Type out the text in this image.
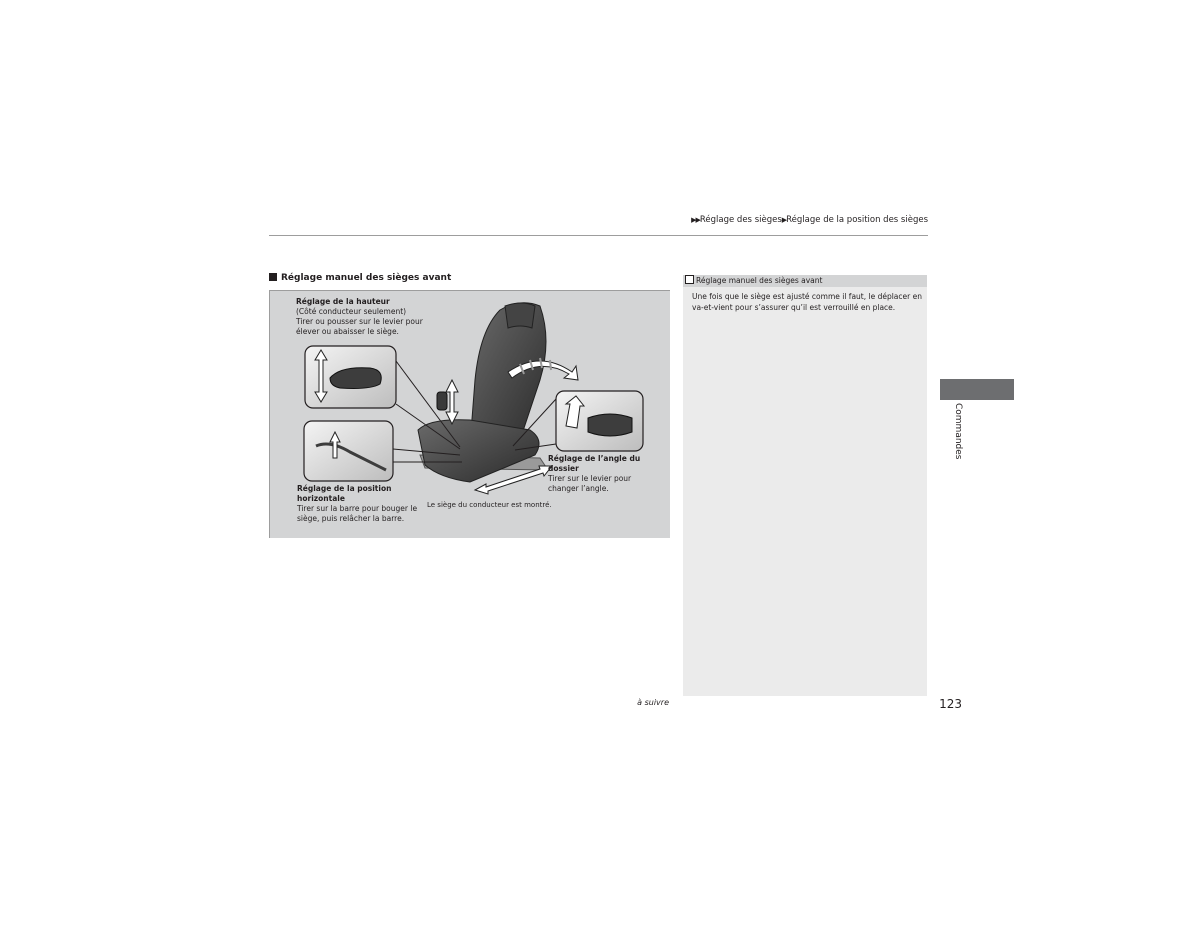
▶▶Réglage des sièges▶Réglage de la position des sièges
Réglage manuel des sièges avant
Réglage de la hauteur
(Côté conducteur seulement)
Tirer ou pousser sur le levier pour élever ou abaisser le siège.
Réglage de la position horizontale
Tirer sur la barre pour bouger le siège, puis relâcher la barre.
Réglage de l’angle du dossier
Tirer sur le levier pour changer l’angle.
Le siège du conducteur est montré.
Réglage manuel des sièges avant
Une fois que le siège est ajusté comme il faut, le déplacer en va-et-vient pour s’assurer qu’il est verrouillé en place.
Commandes
à suivre	123
